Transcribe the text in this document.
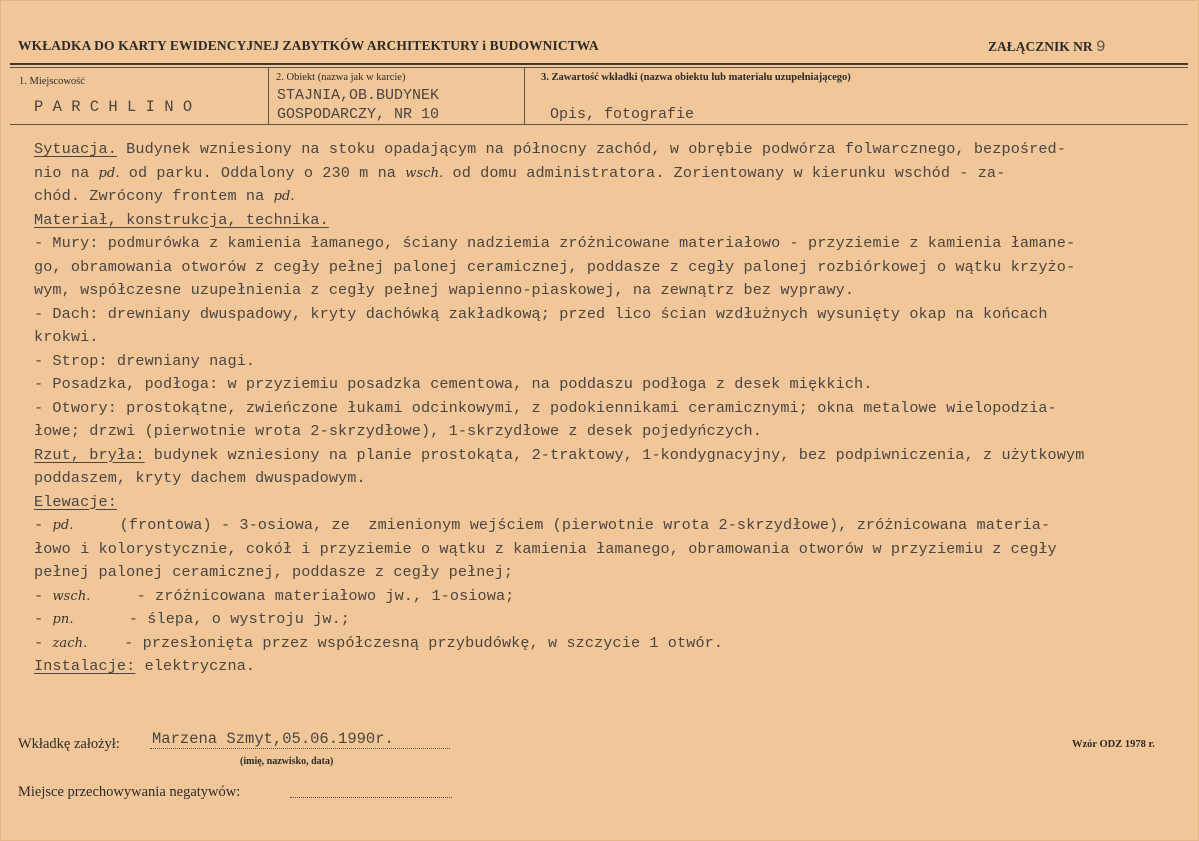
WKŁADKA DO KARTY EWIDENCYJNEJ ZABYTKÓW ARCHITEKTURY i BUDOWNICTWA	ZAŁĄCZNIK NR 9
1. Miejscowość
P A R C H L I N O
2. Obiekt (nazwa jak w karcie)
STAJNIA,OB.BUDYNEK
GOSPODARCZY, NR 10
3. Zawartość wkładki (nazwa obiektu lub materiału uzupełniającego)
Opis, fotografie
Sytuacja. Budynek wzniesiony na stoku opadającym na północny zachód, w obrębie podwórza folwarcznego, bezpośred-
nio na pd. od parku. Oddalony o 230 m na wsch. od domu administratora. Zorientowany w kierunku wschód - za-
chód. Zwrócony frontem na pd.
Materiał, konstrukcja, technika.
- Mury: podmurówka z kamienia łamanego, ściany nadziemia zróżnicowane materiałowo - przyziemie z kamienia łamane-
go, obramowania otworów z cegły pełnej palonej ceramicznej, poddasze z cegły palonej rozbiórkowej o wątku krzyżo-
wym, współczesne uzupełnienia z cegły pełnej wapienno-piaskowej, na zewnątrz bez wyprawy.
- Dach: drewniany dwuspadowy, kryty dachówką zakładkową; przed lico ścian wzdłużnych wysunięty okap na końcach
krokwi.
- Strop: drewniany nagi.
- Posadzka, podłoga: w przyziemiu posadzka cementowa, na poddaszu podłoga z desek miękkich.
- Otwory: prostokątne, zwieńczone łukami odcinkowymi, z podokiennikami ceramicznymi; okna metalowe wielopodzia-
łowe; drzwi (pierwotnie wrota 2-skrzydłowe), 1-skrzydłowe z desek pojedyńczych.
Rzut, bryła: budynek wzniesiony na planie prostokąta, 2-traktowy, 1-kondygnacyjny, bez podpiwniczenia, z użytkowym
poddaszem, kryty dachem dwuspadowym.
Elewacje:
- pd.     (frontowa) - 3-osiowa, ze  zmienionym wejściem (pierwotnie wrota 2-skrzydłowe), zróżnicowana materia-
łowo i kolorystycznie, cokół i przyziemie o wątku z kamienia łamanego, obramowania otworów w przyziemiu z cegły
pełnej palonej ceramicznej, poddasze z cegły pełnej;
- wsch.     - zróżnicowana materiałowo jw., 1-osiowa;
- pn.      - ślepa, o wystroju jw.;
- zach.    - przesłonięta przez współczesną przybudówkę, w szczycie 1 otwór.
Instalacje: elektryczna.
Wkładkę założył: Marzena Szmyt,05.06.1990r.
(imię, nazwisko, data)
Wzór ODZ 1978 r.
Miejsce przechowywania negatywów:
